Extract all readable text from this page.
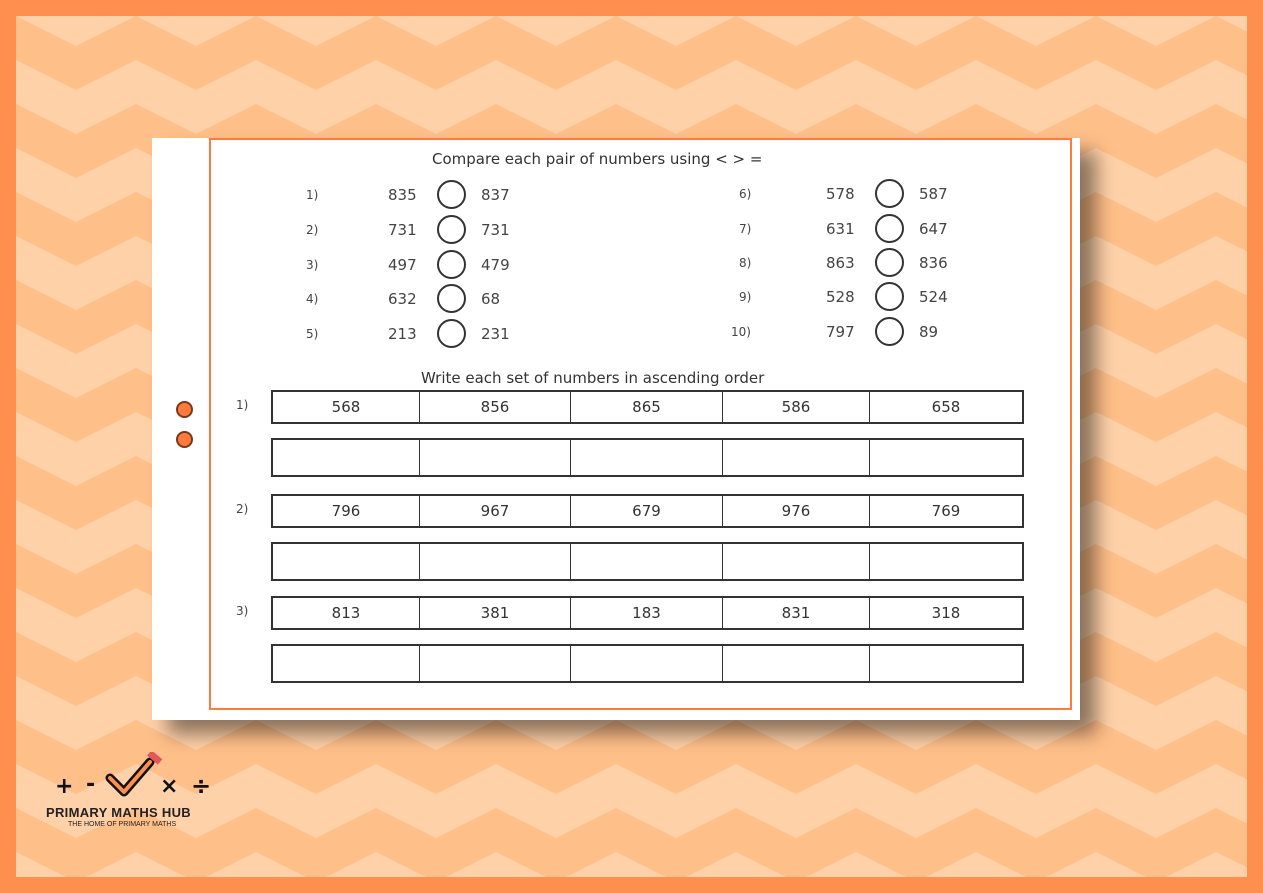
Compare each pair of numbers using < > =
1)	835	837
2)	731	731
3)	497	479
4)	632	68
5)	213	231
6)	578	587
7)	631	647
8)	863	836
9)	528	524
10)	797	89
Write each set of numbers in ascending order
1)	568	856	865	586	658
2)	796	967	679	976	769
3)	813	381	183	831	318
+ -	× ÷
PRIMARY MATHS HUB
THE HOME OF PRIMARY MATHS
